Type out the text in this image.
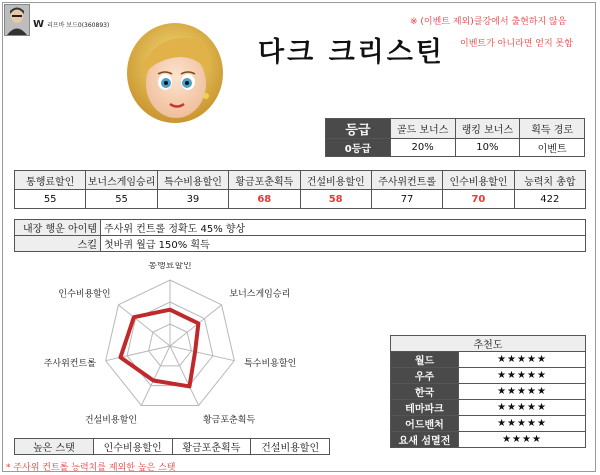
W 리프바 보드0(360893)	※ (이벤트 제외)클강에서 출현하지 않음
이벤트가 아니라면 얻지 못함
다크 크리스틴
등급	골드 보너스	랭킹 보너스	획득 경로
0등급	20%	10%	이벤트
통행료할인	보너스게임승리	특수비용할인	황금포춘획득	건설비용할인	주사위컨트롤	인수비용할인	능력치 총합
55	55	39	68	58	77	70	422
내장 행운 아이템	주사위 컨트롤 정확도 45% 향상
스킬	첫바퀴 월급 150% 획득
통행료할인
보너스게임승리
특수비용할인
황금포춘획득
건설비용할인
주사위컨트롤
인수비용할인
추천도	
월드	★★★★★
우주	★★★★★
한국	★★★★★
테마파크	★★★★★
어드밴처	★★★★★
요새 섬멸전	★★★★
높은 스탯	인수비용할인	황금포춘획득	건설비용할인
* 주사위 컨트롤 능력치를 제외한 높은 스탯
